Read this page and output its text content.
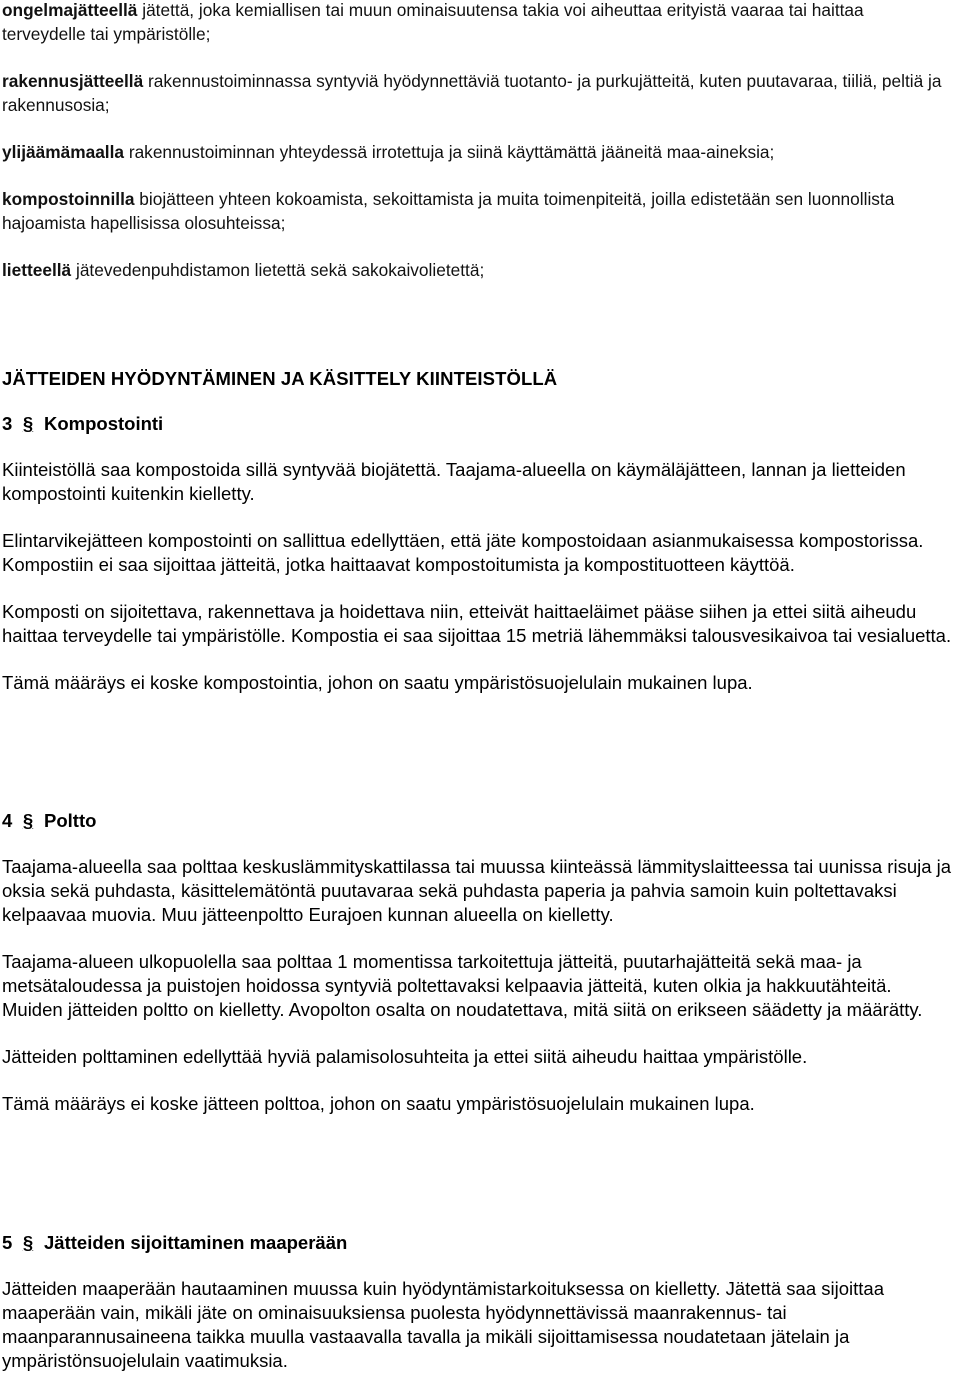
ongelmajätteellä jätettä, joka kemiallisen tai muun ominaisuutensa takia voi aiheuttaa erityistä vaaraa tai haittaa terveydelle tai ympäristölle;

rakennusjätteellä rakennustoiminnassa syntyviä hyödynnettäviä tuotanto- ja purkujätteitä, kuten puutavaraa, tiiliä, peltiä ja rakennusosia;

ylijäämämaalla rakennustoiminnan yhteydessä irrotettuja ja siinä käyttämättä jääneitä maa-aineksia;

kompostoinnilla biojätteen yhteen kokoamista, sekoittamista ja muita toimenpiteitä, joilla edistetään sen luonnollista hajoamista hapellisissa olosuhteissa;

lietteellä jätevedenpuhdistamon lietettä sekä sakokaivolietettä;

JÄTTEIDEN HYÖDYNTÄMINEN JA KÄSITTELY KIINTEISTÖLLÄ
3 § Kompostointi

Kiinteistöllä saa kompostoida sillä syntyvää biojätettä. Taajama-alueella on käymäläjätteen, lannan ja lietteiden kompostointi kuitenkin kielletty.

Elintarvikejätteen kompostointi on sallittua edellyttäen, että jäte kompostoidaan asianmukaisessa kompostorissa. Kompostiin ei saa sijoittaa jätteitä, jotka haittaavat kompostoitumista ja kompostituotteen käyttöä.

Komposti on sijoitettava, rakennettava ja hoidettava niin, etteivät haittaeläimet pääse siihen ja ettei siitä aiheudu haittaa terveydelle tai ympäristölle. Kompostia ei saa sijoittaa 15 metriä lähemmäksi talousvesikaivoa tai vesialuetta.

Tämä määräys ei koske kompostointia, johon on saatu ympäristösuojelulain mukainen lupa.

4 § Poltto

Taajama-alueella saa polttaa keskuslämmityskattilassa tai muussa kiinteässä lämmityslaitteessa tai uunissa risuja ja oksia sekä puhdasta, käsittelemätöntä puutavaraa sekä puhdasta paperia ja pahvia samoin kuin poltettavaksi kelpaavaa muovia. Muu jätteenpoltto Eurajoen kunnan alueella on kielletty.

Taajama-alueen ulkopuolella saa polttaa 1 momentissa tarkoitettuja jätteitä, puutarhajätteitä sekä maa- ja metsätaloudessa ja puistojen hoidossa syntyviä poltettavaksi kelpaavia jätteitä, kuten olkia ja hakkuutähteitä. Muiden jätteiden poltto on kielletty. Avopolton osalta on noudatettava, mitä siitä on erikseen säädetty ja määrätty.

Jätteiden polttaminen edellyttää hyviä palamisolosuhteita ja ettei siitä aiheudu haittaa ympäristölle.

Tämä määräys ei koske jätteen polttoa, johon on saatu ympäristösuojelulain mukainen lupa.

5 § Jätteiden sijoittaminen maaperään

Jätteiden maaperään hautaaminen muussa kuin hyödyntämistarkoituksessa on kielletty. Jätettä saa sijoittaa maaperään vain, mikäli jäte on ominaisuuksiensa puolesta hyödynnettävissä maanrakennus- tai maanparannusaineena taikka muulla vastaavalla tavalla ja mikäli sijoittamisessa noudatetaan jätelain ja ympäristönsuojelulain vaatimuksia.
